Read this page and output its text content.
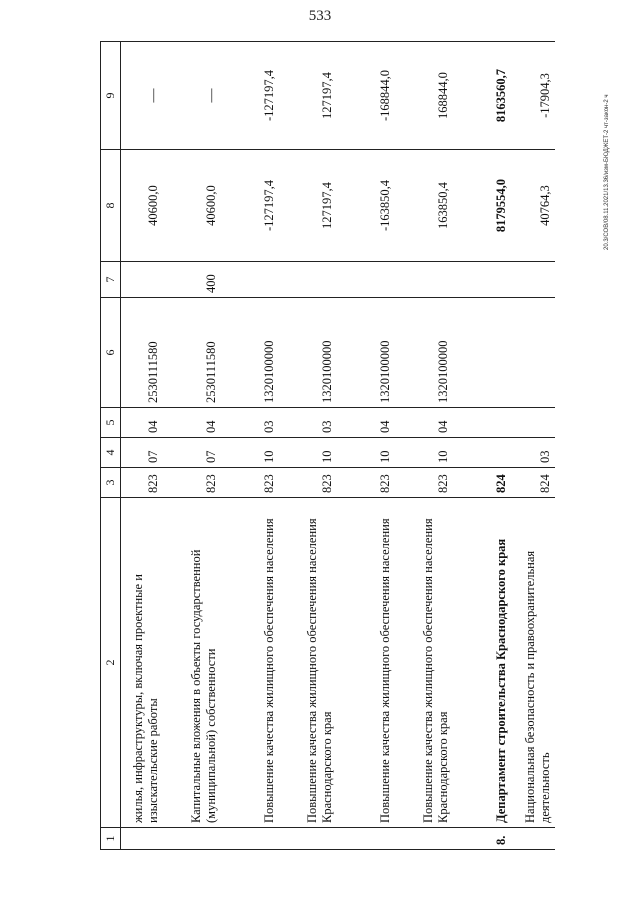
533
20.3/СОВ/08.11.2021/13.36/изм-БЮДЖЕТ-2 чт-закон-2 ч
1	2	3	4	5	6	7	8	9
	жилья, инфраструктуры, включая проектные и изыскательские работы	823	07	04	2530111580		40600,0	—
	Капитальные вложения в объекты государственной (муниципальной) собственности	823	07	04	2530111580	400	40600,0	—
	Повышение качества жилищного обеспечения населения	823	10	03	1320100000		-127197,4	-127197,4
	Повышение качества жилищного обеспечения населения Краснодарского края	823	10	03	1320100000		127197,4	127197,4
	Повышение качества жилищного обеспечения населения	823	10	04	1320100000		-163850,4	-168844,0
	Повышение качества жилищного обеспечения населения Краснодарского края	823	10	04	1320100000		163850,4	168844,0
8.	Департамент строительства Краснодарского края	824					8179554,0	8163560,7
	Национальная безопасность и правоохранительная деятельность	824	03				40764,3	-17904,3
